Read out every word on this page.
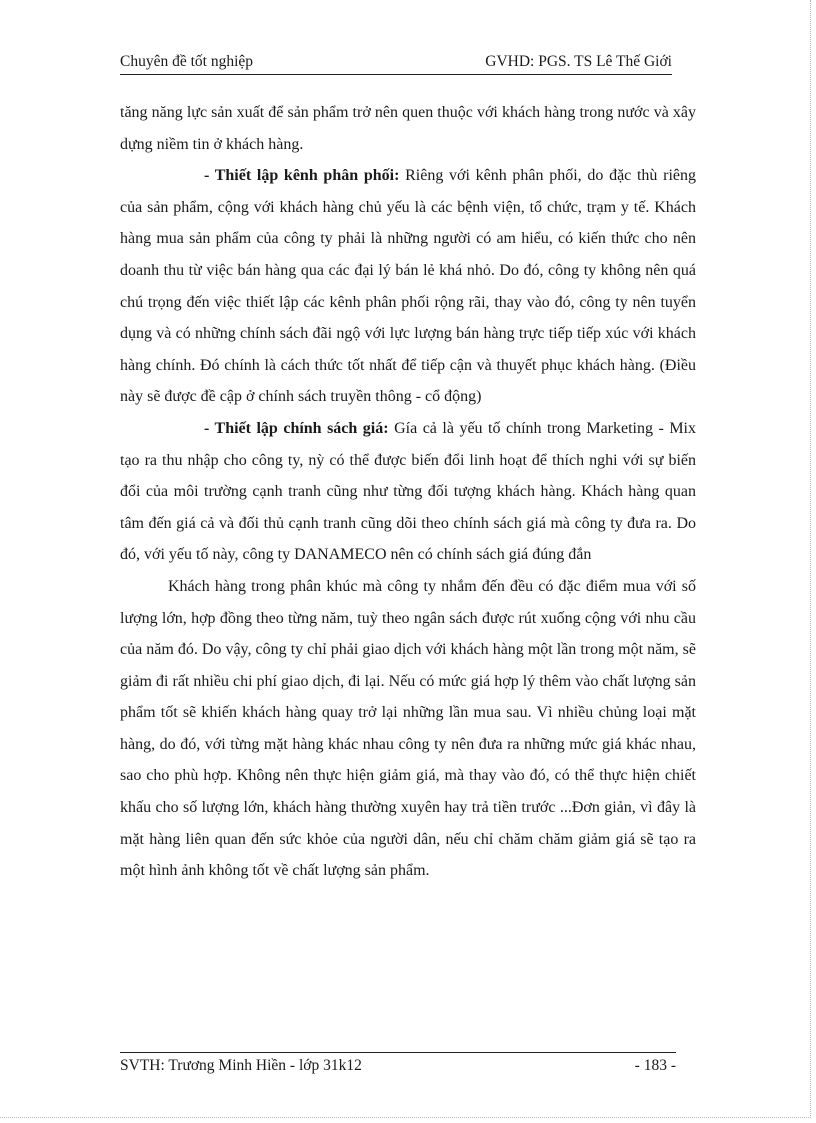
Chuyên đề tốt nghiệp	GVHD: PGS. TS Lê Thế Giới

tăng năng lực sản xuất để sản phẩm trở nên quen thuộc với khách hàng trong nước và xây dựng niềm tin ở khách hàng.

- Thiết lập kênh phân phối: Riêng với kênh phân phối, do đặc thù riêng của sản phẩm, cộng với khách hàng chủ yếu là các bệnh viện, tổ chức, trạm y tế. Khách hàng mua sản phẩm của công ty phải là những người có am hiểu, có kiến thức cho nên doanh thu từ việc bán hàng qua các đại lý bán lẻ khá nhỏ. Do đó, công ty không nên quá chú trọng đến việc thiết lập các kênh phân phối rộng rãi, thay vào đó, công ty nên tuyển dụng và có những chính sách đãi ngộ với lực lượng bán hàng trực tiếp tiếp xúc với khách hàng chính. Đó chính là cách thức tốt nhất để tiếp cận và thuyết phục khách hàng. (Điều này sẽ được đề cập ở chính sách truyền thông - cổ động)

- Thiết lập chính sách giá: Gía cả là yếu tố chính trong Marketing - Mix tạo ra thu nhập cho công ty, nỳ có thể được biến đổi linh hoạt để thích nghi với sự biến đổi của môi trường cạnh tranh cũng như từng đối tượng khách hàng. Khách hàng quan tâm đến giá cả và đối thủ cạnh tranh cũng dõi theo chính sách giá mà công ty đưa ra. Do đó, với yếu tố này, công ty DANAMECO nên có chính sách giá đúng đắn

Khách hàng trong phân khúc mà công ty nhắm đến đều có đặc điểm mua với số lượng lớn, hợp đồng theo từng năm, tuỳ theo ngân sách được rút xuống cộng với nhu cầu của năm đó. Do vậy, công ty chỉ phải giao dịch với khách hàng một lần trong một năm, sẽ giảm đi rất nhiều chi phí giao dịch, đi lại. Nếu có mức giá hợp lý thêm vào chất lượng sản phẩm tốt sẽ khiến khách hàng quay trở lại những lần mua sau. Vì nhiều chủng loại mặt hàng, do đó, với từng mặt hàng khác nhau công ty nên đưa ra những mức giá khác nhau, sao cho phù hợp. Không nên thực hiện giảm giá, mà thay vào đó, có thể thực hiện chiết khấu cho số lượng lớn, khách hàng thường xuyên hay trả tiền trước ...Đơn giản, vì đây là mặt hàng liên quan đến sức khỏe của người dân, nếu chỉ chăm chăm giảm giá sẽ tạo ra một hình ảnh không tốt về chất lượng sản phẩm.

SVTH: Trương Minh Hiền - lớp 31k12	- 183 -
